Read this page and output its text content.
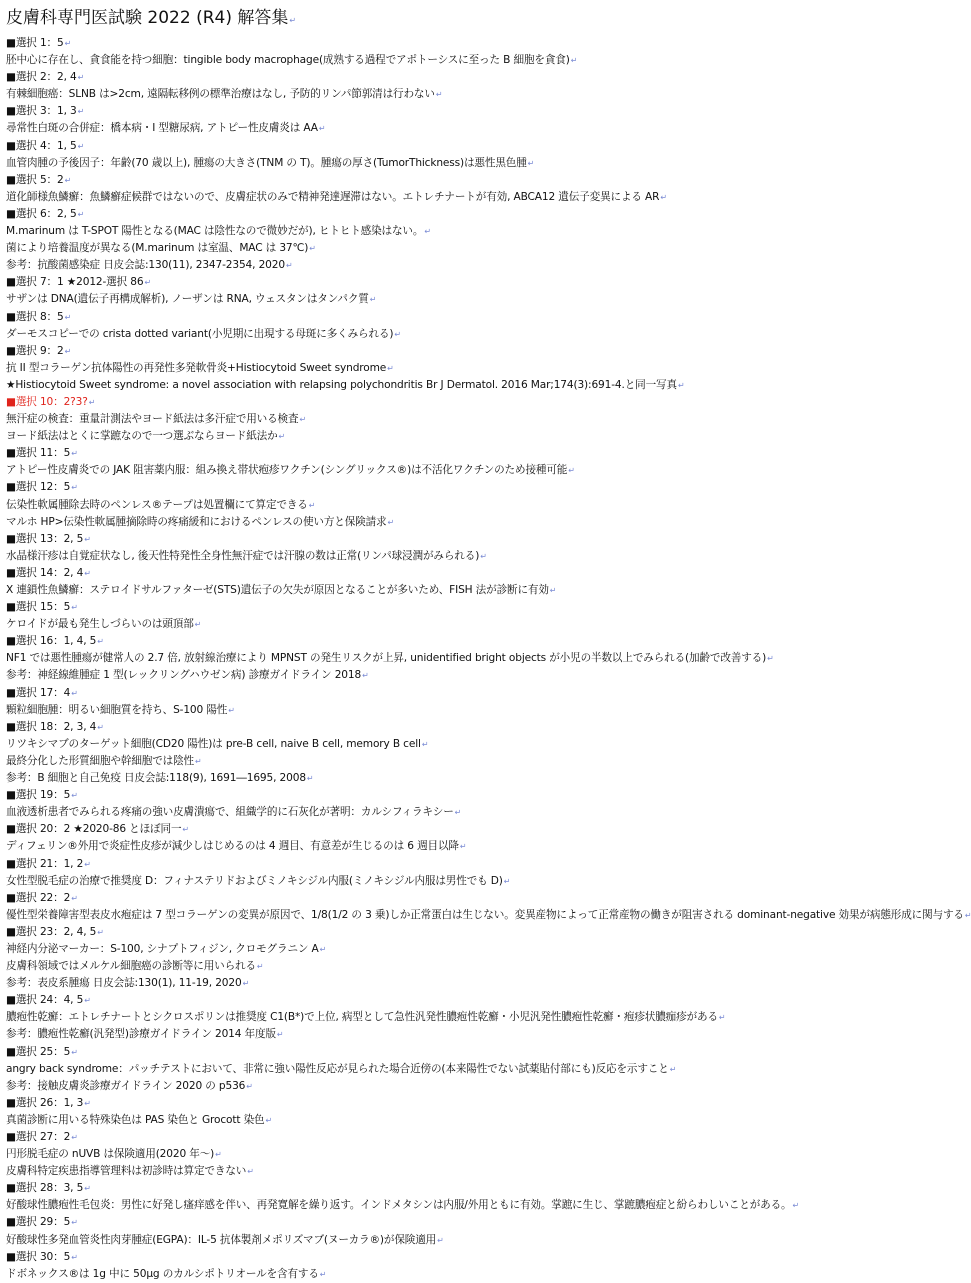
皮膚科専門医試験 2022 (R4) 解答集↵
■選択 1：5↵
胚中心に存在し、貪食能を持つ細胞：tingible body macrophage(成熟する過程でアポトーシスに至った B 細胞を貪食)↵
■選択 2：2, 4↵
有棘細胞癌：SLNB は>2cm, 遠隔転移例の標準治療はなし, 予防的リンパ節郭清は行わない↵
■選択 3：1, 3↵
尋常性白斑の合併症：橋本病・I 型糖尿病, アトピー性皮膚炎は AA↵
■選択 4：1, 5↵
血管肉腫の予後因子：年齢(70 歳以上), 腫瘍の大きさ(TNM の T)。腫瘍の厚さ(TumorThickness)は悪性黒色腫↵
■選択 5：2↵
道化師様魚鱗癬：魚鱗癬症候群ではないので、皮膚症状のみで精神発達遅滞はない。エトレチナートが有効, ABCA12 遺伝子変異による AR↵
■選択 6：2, 5↵
M.marinum は T-SPOT 陽性となる(MAC は陰性なので微妙だが), ヒトヒト感染はない。↵
菌により培養温度が異なる(M.marinum は室温、MAC は 37℃)↵
参考：抗酸菌感染症 日皮会誌:130(11), 2347-2354, 2020↵
■選択 7：1 ★2012-選択 86↵
サザンは DNA(遺伝子再構成解析), ノーザンは RNA, ウェスタンはタンパク質↵
■選択 8：5↵
ダーモスコピーでの crista dotted variant(小児期に出現する母斑に多くみられる)↵
■選択 9：2↵
抗 II 型コラーゲン抗体陽性の再発性多発軟骨炎+Histiocytoid Sweet syndrome↵
★Histiocytoid Sweet syndrome: a novel association with relapsing polychondritis Br J Dermatol. 2016 Mar;174(3):691-4.と同一写真↵
■選択 10：2?3?↵
無汗症の検査：重量計測法やヨード紙法は多汗症で用いる検査↵
ヨード紙法はとくに掌蹠なので一つ選ぶならヨード紙法か↵
■選択 11：5↵
アトピー性皮膚炎での JAK 阻害薬内服：組み換え帯状疱疹ワクチン(シングリックス®)は不活化ワクチンのため接種可能↵
■選択 12：5↵
伝染性軟属腫除去時のペンレス®テープは処置欄にて算定できる↵
マルホ HP>伝染性軟属腫摘除時の疼痛緩和におけるペンレスの使い方と保険請求↵
■選択 13：2, 5↵
水晶様汗疹は自覚症状なし, 後天性特発性全身性無汗症では汗腺の数は正常(リンパ球浸潤がみられる)↵
■選択 14：2, 4↵
X 連鎖性魚鱗癬：ステロイドサルファターゼ(STS)遺伝子の欠失が原因となることが多いため、FISH 法が診断に有効↵
■選択 15：5↵
ケロイドが最も発生しづらいのは頭頂部↵
■選択 16：1, 4, 5↵
NF1 では悪性腫瘍が健常人の 2.7 倍, 放射線治療により MPNST の発生リスクが上昇, unidentified bright objects が小児の半数以上でみられる(加齢で改善する)↵
参考：神経線維腫症 1 型(レックリングハウゼン病) 診療ガイドライン 2018↵
■選択 17：4↵
顆粒細胞腫：明るい細胞質を持ち、S-100 陽性↵
■選択 18：2, 3, 4↵
リツキシマブのターゲット細胞(CD20 陽性)は pre-B cell, naive B cell, memory B cell↵
最終分化した形質細胞や幹細胞では陰性↵
参考：B 細胞と自己免疫 日皮会誌:118(9), 1691―1695, 2008↵
■選択 19：5↵
血液透析患者でみられる疼痛の強い皮膚潰瘍で、組織学的に石灰化が著明：カルシフィラキシー↵
■選択 20：2 ★2020-86 とほぼ同一↵
ディフェリン®外用で炎症性皮疹が減少しはじめるのは 4 週目、有意差が生じるのは 6 週目以降↵
■選択 21：1, 2↵
女性型脱毛症の治療で推奨度 D：フィナステリドおよびミノキシジル内服(ミノキシジル内服は男性でも D)↵
■選択 22：2↵
優性型栄養障害型表皮水疱症は 7 型コラーゲンの変異が原因で、1/8(1/2 の 3 乗)しか正常蛋白は生じない。変異産物によって正常産物の働きが阻害される dominant-negative 効果が病態形成に関与する↵
■選択 23：2, 4, 5↵
神経内分泌マーカー：S-100, シナプトフィジン, クロモグラニン A↵
皮膚科領域ではメルケル細胞癌の診断等に用いられる↵
参考：表皮系腫瘍 日皮会誌:130(1), 11-19, 2020↵
■選択 24：4, 5↵
膿疱性乾癬：エトレチナートとシクロスポリンは推奨度 C1(B*)で上位, 病型として急性汎発性膿疱性乾癬・小児汎発性膿疱性乾癬・疱疹状膿痂疹がある↵
参考：膿疱性乾癬(汎発型)診療ガイドライン 2014 年度版↵
■選択 25：5↵
angry back syndrome：パッチテストにおいて、非常に強い陽性反応が見られた場合近傍の(本来陽性でない試薬貼付部にも)反応を示すこと↵
参考：接触皮膚炎診療ガイドライン 2020 の p536↵
■選択 26：1, 3↵
真菌診断に用いる特殊染色は PAS 染色と Grocott 染色↵
■選択 27：2↵
円形脱毛症の nUVB は保険適用(2020 年〜)↵
皮膚科特定疾患指導管理料は初診時は算定できない↵
■選択 28：3, 5↵
好酸球性膿疱性毛包炎：男性に好発し瘙痒感を伴い、再発寛解を繰り返す。インドメタシンは内服/外用ともに有効。掌蹠に生じ、掌蹠膿疱症と紛らわしいことがある。↵
■選択 29：5↵
好酸球性多発血管炎性肉芽腫症(EGPA)：IL-5 抗体製剤メポリズマブ(ヌーカラ®)が保険適用↵
■選択 30：5↵
ドボネックス®は 1g 中に 50μg のカルシポトリオールを含有する↵
